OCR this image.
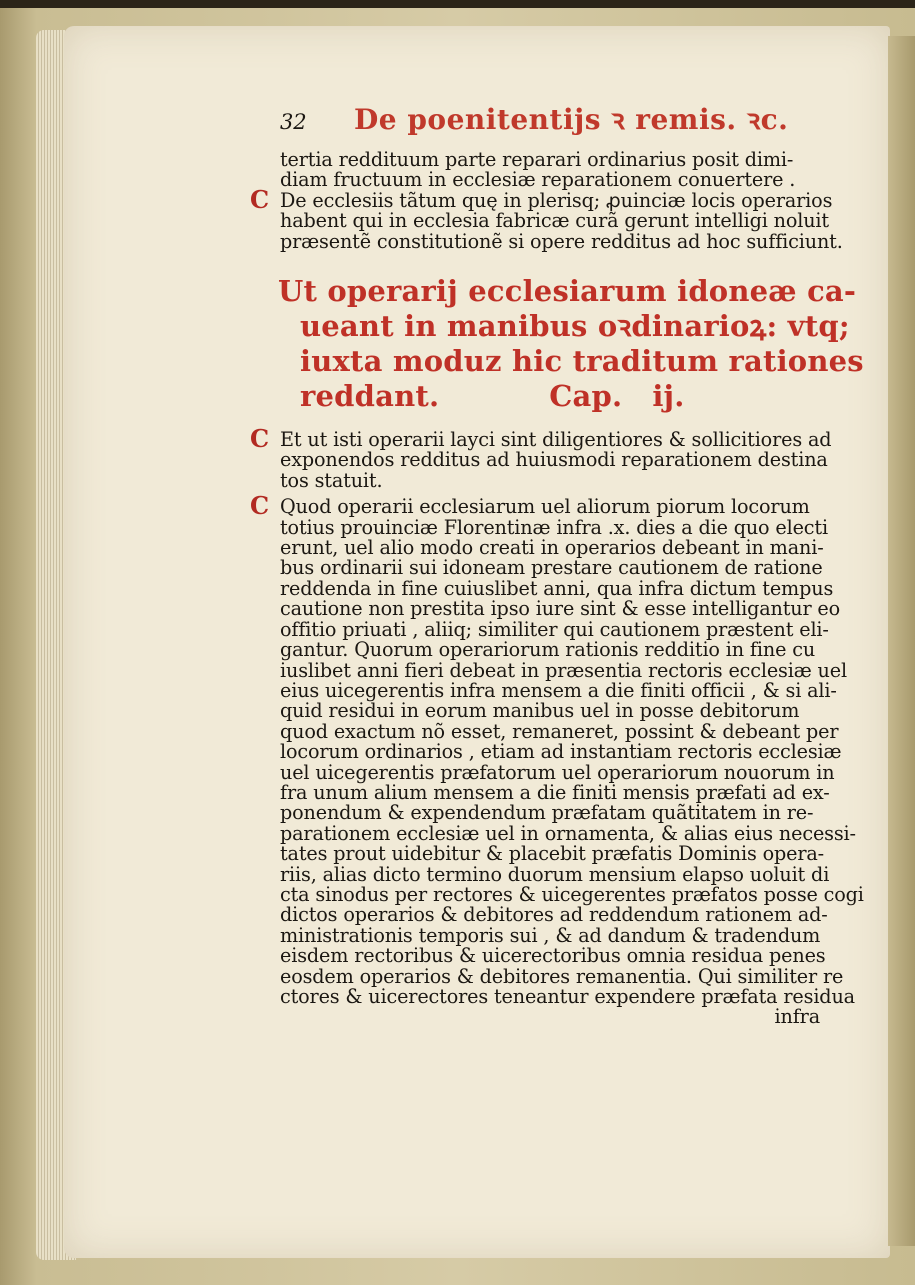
32	De poenitentijs ꝛ remis. ꝛc.

tertia reddituum parte reparari ordinarius posit dimi-
diam fructuum in ecclesiæ reparationem conuertere .

C De ecclesiis tãtum quę in plerisq; ꝓuinciæ locis operarios
habent qui in ecclesia fabricæ curã gerunt intelligi noluit
præsentẽ constitutionẽ si opere redditus ad hoc sufficiunt.

Ut operarij ecclesiarum idoneæ ca-
ueant in manibus oꝛdinarioꝝ: vtq;
iuxta moduz hic traditum rationes
reddant.	Cap. ij.

C Et ut isti operarii layci sint diligentiores & sollicitiores ad
exponendos redditus ad huiusmodi reparationem destina
tos statuit.

C Quod operarii ecclesiarum uel aliorum piorum locorum
totius prouinciæ Florentinæ infra .x. dies a die quo electi
erunt, uel alio modo creati in operarios debeant in mani-
bus ordinarii sui idoneam prestare cautionem de ratione
reddenda in fine cuiuslibet anni, qua infra dictum tempus
cautione non prestita ipso iure sint & esse intelligantur eo
offitio priuati , aliiq; similiter qui cautionem præstent eli-
gantur. Quorum operariorum rationis redditio in fine cu
iuslibet anni fieri debeat in præsentia rectoris ecclesiæ uel
eius uicegerentis infra mensem a die finiti officii , & si ali-
quid residui in eorum manibus uel in posse debitorum
quod exactum nõ esset, remaneret, possint & debeant per
locorum ordinarios , etiam ad instantiam rectoris ecclesiæ
uel uicegerentis præfatorum uel operariorum nouorum in
fra unum alium mensem a die finiti mensis præfati ad ex-
ponendum & expendendum præfatam quãtitatem in re-
parationem ecclesiæ uel in ornamenta, & alias eius necessi-
tates prout uidebitur & placebit præfatis Dominis opera-
riis, alias dicto termino duorum mensium elapso uoluit di
cta sinodus per rectores & uicegerentes præfatos posse cogi
dictos operarios & debitores ad reddendum rationem ad-
ministrationis temporis sui , & ad dandum & tradendum
eisdem rectoribus & uicerectoribus omnia residua penes
eosdem operarios & debitores remanentia. Qui similiter re
ctores & uicerectores teneantur expendere præfata residua
infra
